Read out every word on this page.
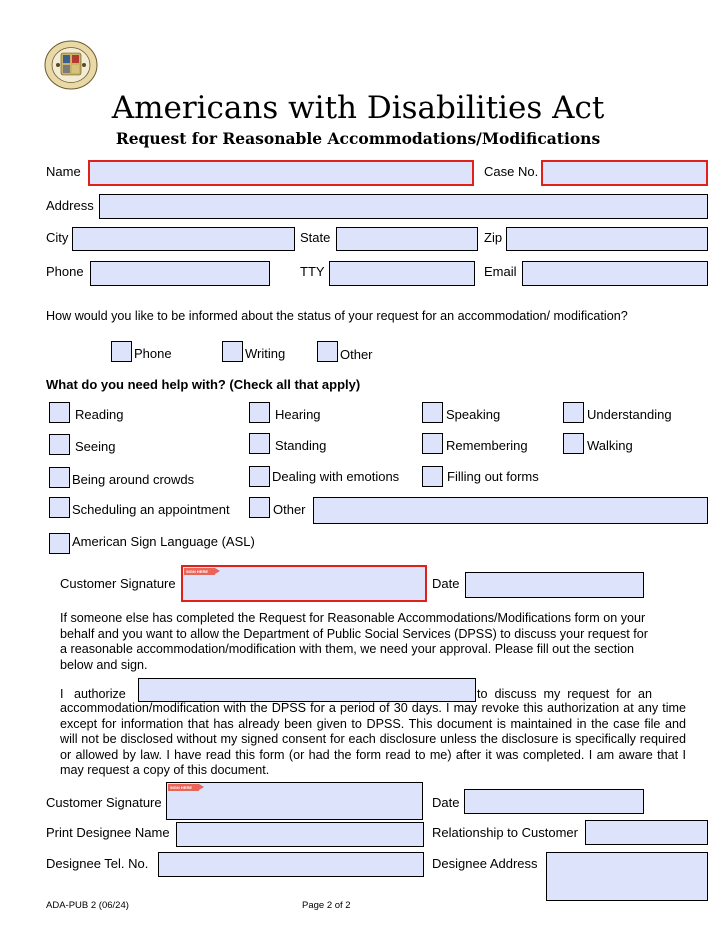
Americans with Disabilities Act
Request for Reasonable Accommodations/Modifications
Name	Case No.
Address
City	State	Zip
Phone	TTY	Email

How would you like to be informed about the status of your request for an accommodation/ modification?

Phone	Writing	Other
What do you need help with? (Check all that apply)
Reading	Hearing	Speaking	Understanding
Seeing	Standing	Remembering	Walking
Being around crowds	Dealing with emotions	Filling out forms
Scheduling an appointment	Other
American Sign Language (ASL)
Customer Signature
SIGN HERE
Date

If someone else has completed the Request for Reasonable Accommodations/Modifications form on your behalf and you want to allow the Department of Public Social Services (DPSS) to discuss your request for a reasonable accommodation/modification with them, we need your approval. Please fill out the section below and sign.

I   authorize	to  discuss  my  request  for  an

accommodation/modification with the DPSS for a period of 30 days. I may revoke this authorization at any time except for information that has already been given to DPSS. This document is maintained in the case file and will not be disclosed without my signed consent for each disclosure unless the disclosure is specifically required or allowed by law. I have read this form (or had the form read to me) after it was completed. I am aware that I may request a copy of this document.

Customer Signature
SIGN HERE
Date
Print Designee Name	Relationship to Customer
Designee Tel. No.	Designee Address
ADA-PUB 2 (06/24)	Page 2 of 2
